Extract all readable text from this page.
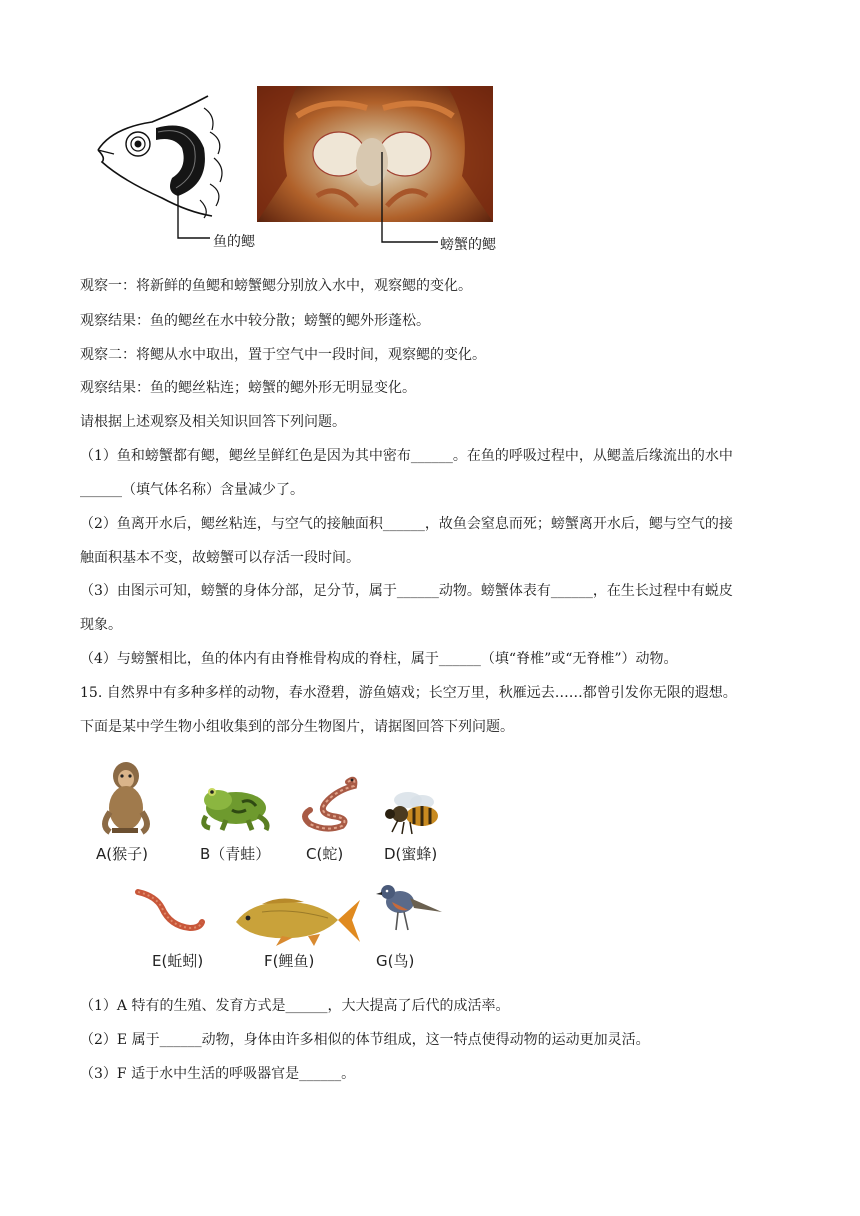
鱼的鳃	螃蟹的鳃
观察一：将新鲜的鱼鳃和螃蟹鳃分别放入水中，观察鳃的变化。
观察结果：鱼的鳃丝在水中较分散；螃蟹的鳃外形蓬松。
观察二：将鳃从水中取出，置于空气中一段时间，观察鳃的变化。
观察结果：鱼的鳃丝粘连；螃蟹的鳃外形无明显变化。
请根据上述观察及相关知识回答下列问题。
（1）鱼和螃蟹都有鳃，鳃丝呈鲜红色是因为其中密布______。在鱼的呼吸过程中，从鳃盖后缘流出的水中
______（填气体名称）含量减少了。
（2）鱼离开水后，鳃丝粘连，与空气的接触面积______，故鱼会窒息而死；螃蟹离开水后，鳃与空气的接
触面积基本不变，故螃蟹可以存活一段时间。
（3）由图示可知，螃蟹的身体分部，足分节，属于______动物。螃蟹体表有______，在生长过程中有蜕皮
现象。
（4）与螃蟹相比，鱼的体内有由脊椎骨构成的脊柱，属于______（填“脊椎”或“无脊椎”）动物。
15. 自然界中有多种多样的动物，春水澄碧，游鱼嬉戏；长空万里，秋雁远去……都曾引发你无限的遐想。
下面是某中学生物小组收集到的部分生物图片，请据图回答下列问题。
A(猴子)	B（青蛙） C(蛇)	D(蜜蜂)
E(蚯蚓)	F(鲤鱼)	G(鸟)
（1）A 特有的生殖、发育方式是______，大大提高了后代的成活率。
（2）E 属于______动物，身体由许多相似的体节组成，这一特点使得动物的运动更加灵活。
（3）F 适于水中生活的呼吸器官是______。
